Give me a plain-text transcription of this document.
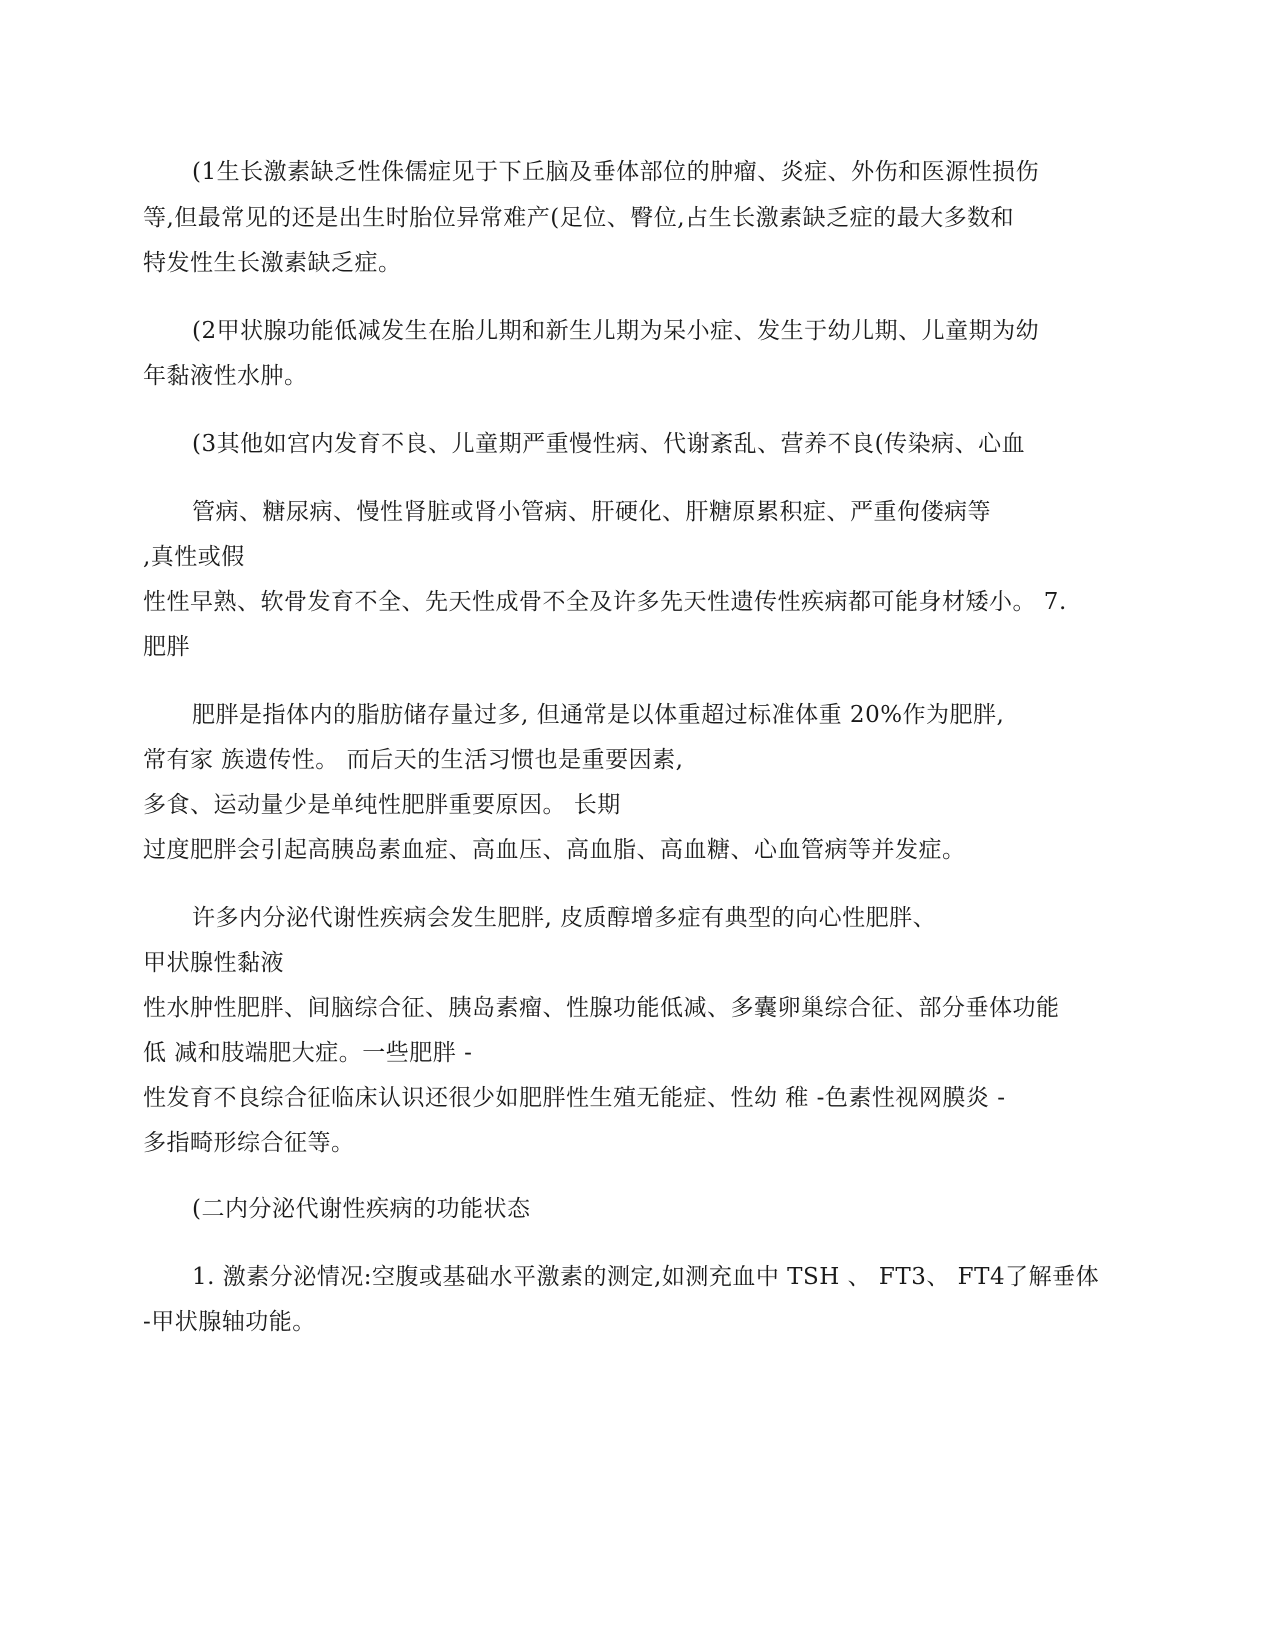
(1生长激素缺乏性侏儒症见于下丘脑及垂体部位的肿瘤、炎症、外伤和医源性损伤
等,但最常见的还是出生时胎位异常难产(足位、臀位,占生长激素缺乏症的最大多数和
特发性生长激素缺乏症。
(2甲状腺功能低减发生在胎儿期和新生儿期为呆小症、发生于幼儿期、儿童期为幼
年黏液性水肿。
(3其他如宫内发育不良、儿童期严重慢性病、代谢紊乱、营养不良(传染病、心血
管病、糖尿病、慢性肾脏或肾小管病、肝硬化、肝糖原累积症、严重佝偻病等
,真性或假
性性早熟、软骨发育不全、先天性成骨不全及许多先天性遗传性疾病都可能身材矮小。 7.
肥胖
肥胖是指体内的脂肪储存量过多, 但通常是以体重超过标准体重 20%作为肥胖,
常有家 族遗传性。 而后天的生活习惯也是重要因素,
多食、运动量少是单纯性肥胖重要原因。 长期
过度肥胖会引起高胰岛素血症、高血压、高血脂、高血糖、心血管病等并发症。
许多内分泌代谢性疾病会发生肥胖, 皮质醇增多症有典型的向心性肥胖、
甲状腺性黏液
性水肿性肥胖、间脑综合征、胰岛素瘤、性腺功能低减、多囊卵巢综合征、部分垂体功能
低 减和肢端肥大症。一些肥胖 -
性发育不良综合征临床认识还很少如肥胖性生殖无能症、性幼 稚 -色素性视网膜炎 -
多指畸形综合征等。
(二内分泌代谢性疾病的功能状态
1. 激素分泌情况:空腹或基础水平激素的测定,如测充血中 TSH 、 FT3、 FT4了解垂体
-甲状腺轴功能。
